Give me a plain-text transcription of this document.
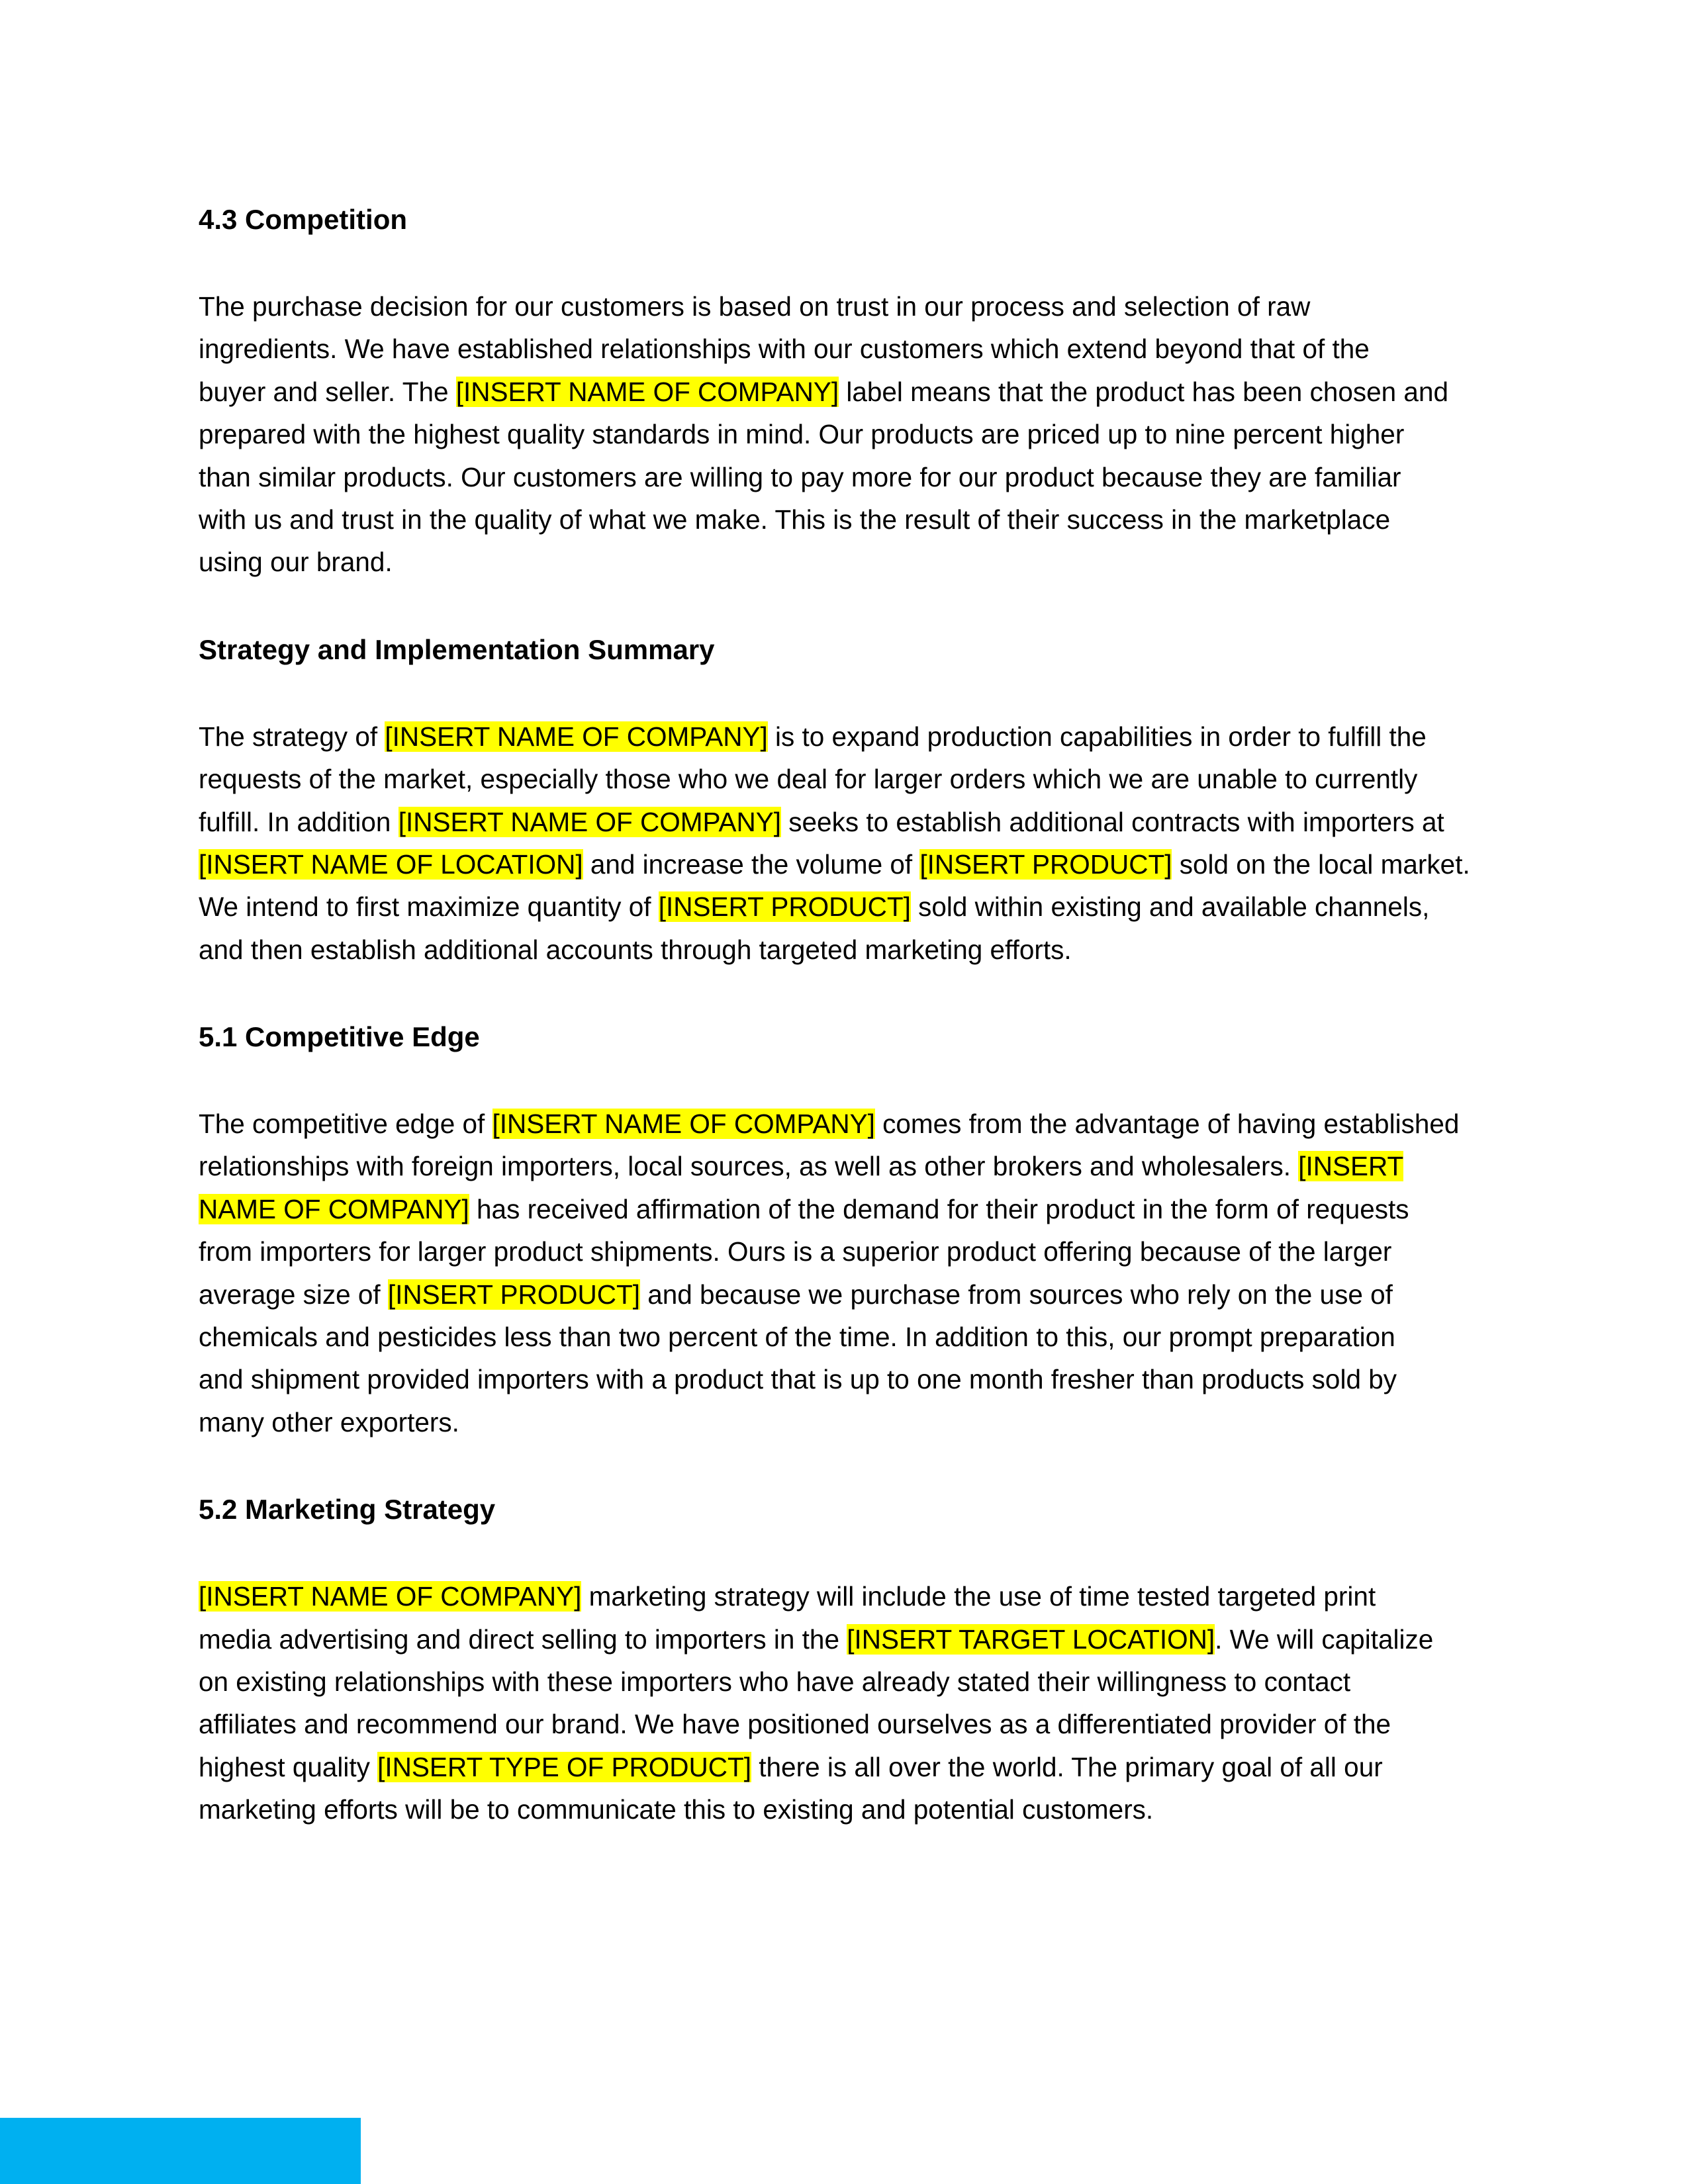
4.3 Competition

The purchase decision for our customers is based on trust in our process and selection of raw
ingredients. We have established relationships with our customers which extend beyond that of the
buyer and seller. The [INSERT NAME OF COMPANY] label means that the product has been chosen and
prepared with the highest quality standards in mind. Our products are priced up to nine percent higher
than similar products. Our customers are willing to pay more for our product because they are familiar
with us and trust in the quality of what we make. This is the result of their success in the marketplace
using our brand.

Strategy and Implementation Summary

The strategy of [INSERT NAME OF COMPANY] is to expand production capabilities in order to fulfill the
requests of the market, especially those who we deal for larger orders which we are unable to currently
fulfill. In addition [INSERT NAME OF COMPANY] seeks to establish additional contracts with importers at
[INSERT NAME OF LOCATION] and increase the volume of [INSERT PRODUCT] sold on the local market.
We intend to first maximize quantity of [INSERT PRODUCT] sold within existing and available channels,
and then establish additional accounts through targeted marketing efforts.

5.1 Competitive Edge

The competitive edge of [INSERT NAME OF COMPANY] comes from the advantage of having established
relationships with foreign importers, local sources, as well as other brokers and wholesalers. [INSERT
NAME OF COMPANY] has received affirmation of the demand for their product in the form of requests
from importers for larger product shipments. Ours is a superior product offering because of the larger
average size of [INSERT PRODUCT] and because we purchase from sources who rely on the use of
chemicals and pesticides less than two percent of the time. In addition to this, our prompt preparation
and shipment provided importers with a product that is up to one month fresher than products sold by
many other exporters.

5.2 Marketing Strategy

[INSERT NAME OF COMPANY] marketing strategy will include the use of time tested targeted print
media advertising and direct selling to importers in the [INSERT TARGET LOCATION]. We will capitalize
on existing relationships with these importers who have already stated their willingness to contact
affiliates and recommend our brand. We have positioned ourselves as a differentiated provider of the
highest quality [INSERT TYPE OF PRODUCT] there is all over the world. The primary goal of all our
marketing efforts will be to communicate this to existing and potential customers.
